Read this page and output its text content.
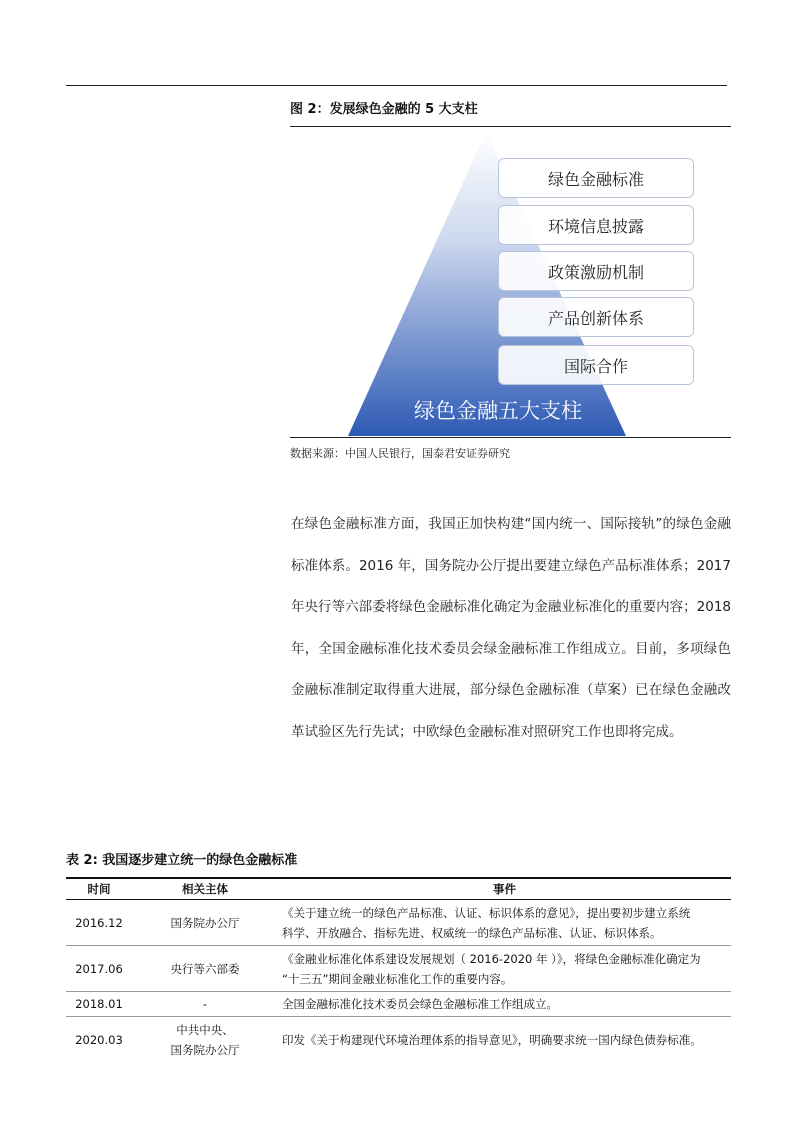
图 2：发展绿色金融的 5 大支柱
绿色金融标准
环境信息披露
政策激励机制
产品创新体系
国际合作
绿色金融五大支柱
数据来源：中国人民银行，国泰君安证券研究
在绿色金融标准方面，我国正加快构建“国内统一、国际接轨”的绿色金融标准体系。2016 年，国务院办公厅提出要建立绿色产品标准体系；2017 年央行等六部委将绿色金融标准化确定为金融业标准化的重要内容；2018 年，全国金融标准化技术委员会绿金融标准工作组成立。目前，多项绿色金融标准制定取得重大进展，部分绿色金融标准（草案）已在绿色金融改革试验区先行先试；中欧绿色金融标准对照研究工作也即将完成。
表 2: 我国逐步建立统一的绿色金融标准
时间	相关主体	事件
2016.12	国务院办公厅	《关于建立统一的绿色产品标准、认证、标识体系的意见》，提出要初步建立系统
科学、开放融合、指标先进、权威统一的绿色产品标准、认证、标识体系。

2017.06	央行等六部委	《金融业标准化体系建设发展规划（ 2016-2020 年 ）》，将绿色金融标准化确定为
“十三五”期间金融业标准化工作的重要内容。

2018.01	-	全国金融标准化技术委员会绿色金融标准工作组成立。

2020.03	中共中央、
国务院办公厅	印发《关于构建现代环境治理体系的指导意见》，明确要求统一国内绿色债券标准。
